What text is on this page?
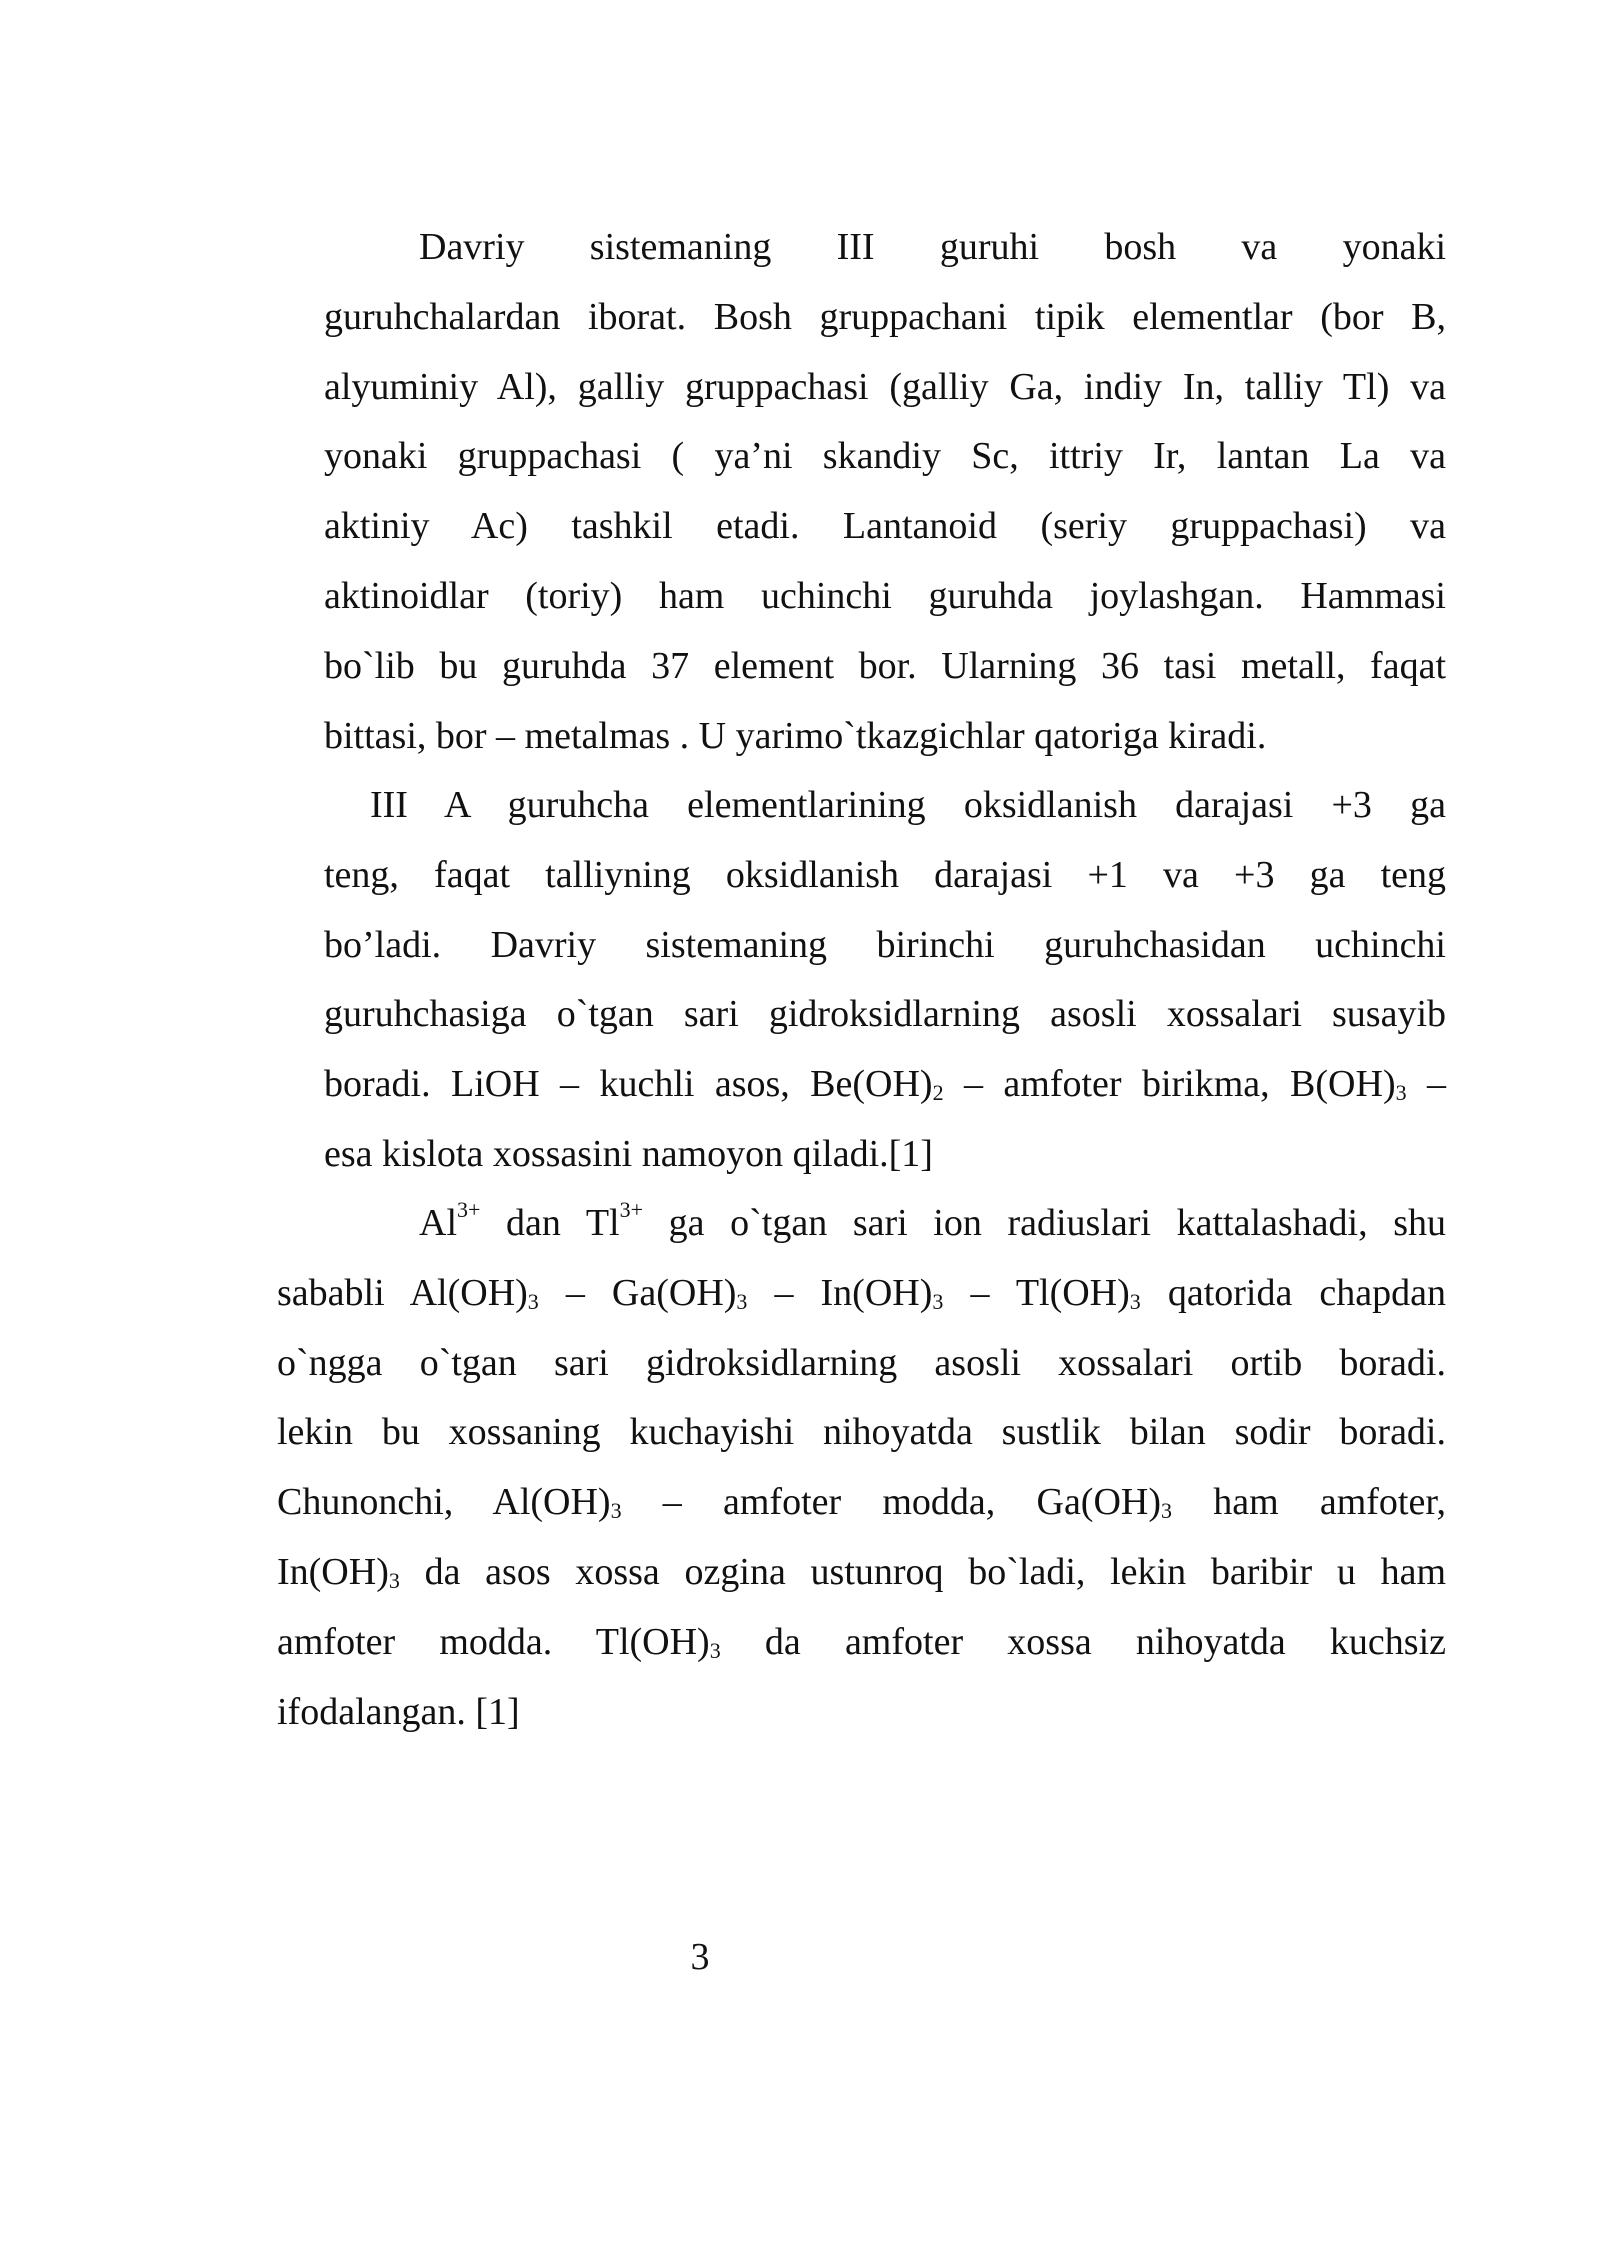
Davriy sistemaning III guruhi bosh va yonaki
guruhchalardan iborat. Bosh gruppachani tipik elementlar (bor B,
alyuminiy Al), galliy gruppachasi (galliy Ga, indiy In, talliy Tl) va
yonaki gruppachasi ( ya’ni skandiy Sc, ittriy Ir, lantan La va
aktiniy Ac) tashkil etadi. Lantanoid (seriy gruppachasi) va
aktinoidlar (toriy) ham uchinchi guruhda joylashgan. Hammasi
bo`lib bu guruhda 37 element bor. Ularning 36 tasi metall, faqat
bittasi, bor – metalmas . U yarimo`tkazgichlar qatoriga kiradi.
III A guruhcha elementlarining oksidlanish darajasi +3 ga
teng, faqat talliyning oksidlanish darajasi +1 va +3 ga teng
bo’ladi. Davriy sistemaning birinchi guruhchasidan uchinchi
guruhchasiga o`tgan sari gidroksidlarning asosli xossalari susayib
boradi. LiOH – kuchli asos, $Be(OH)_2$ – amfoter birikma, $B(OH)_3$ –
esa kislota xossasini namoyon qiladi.[1]
$Al^{3+}$ dan $Tl^{3+}$ ga o`tgan sari ion radiuslari kattalashadi, shu
sababli $Al(OH)_3 - Ga(OH)_3 - In(OH)_3 - Tl(OH)_3$ qatorida chapdan
o`ngga o`tgan sari gidroksidlarning asosli xossalari ortib boradi.
lekin bu xossaning kuchayishi nihoyatda sustlik bilan sodir boradi.
Chunonchi, $Al(OH)_3$ – amfoter modda, $Ga(OH)_3$ ham amfoter,
$In(OH)_3$ da asos xossa ozgina ustunroq bo`ladi, lekin baribir u ham
amfoter modda. $Tl(OH)_3$ da amfoter xossa nihoyatda kuchsiz
ifodalangan. [1]
3
